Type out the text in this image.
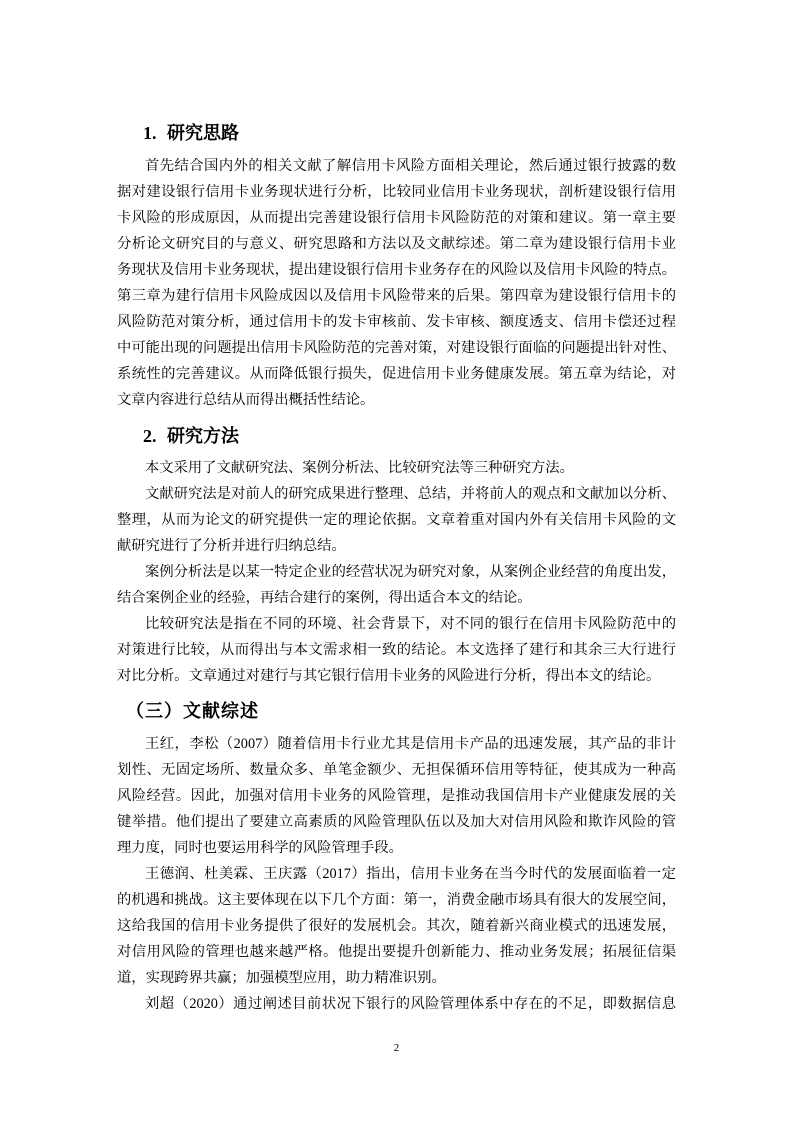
1. 研究思路
首先结合国内外的相关文献了解信用卡风险方面相关理论，然后通过银行披露的数
据对建设银行信用卡业务现状进行分析，比较同业信用卡业务现状，剖析建设银行信用
卡风险的形成原因，从而提出完善建设银行信用卡风险防范的对策和建议。第一章主要
分析论文研究目的与意义、研究思路和方法以及文献综述。第二章为建设银行信用卡业
务现状及信用卡业务现状，提出建设银行信用卡业务存在的风险以及信用卡风险的特点。
第三章为建行信用卡风险成因以及信用卡风险带来的后果。第四章为建设银行信用卡的
风险防范对策分析，通过信用卡的发卡审核前、发卡审核、额度透支、信用卡偿还过程
中可能出现的问题提出信用卡风险防范的完善对策，对建设银行面临的问题提出针对性、
系统性的完善建议。从而降低银行损失，促进信用卡业务健康发展。第五章为结论，对
文章内容进行总结从而得出概括性结论。
2. 研究方法
本文采用了文献研究法、案例分析法、比较研究法等三种研究方法。
文献研究法是对前人的研究成果进行整理、总结，并将前人的观点和文献加以分析、
整理，从而为论文的研究提供一定的理论依据。文章着重对国内外有关信用卡风险的文
献研究进行了分析并进行归纳总结。
案例分析法是以某一特定企业的经营状况为研究对象，从案例企业经营的角度出发，
结合案例企业的经验，再结合建行的案例，得出适合本文的结论。
比较研究法是指在不同的环境、社会背景下，对不同的银行在信用卡风险防范中的
对策进行比较，从而得出与本文需求相一致的结论。本文选择了建行和其余三大行进行
对比分析。文章通过对建行与其它银行信用卡业务的风险进行分析，得出本文的结论。
（三）文献综述
王红，李松（2007）随着信用卡行业尤其是信用卡产品的迅速发展，其产品的非计
划性、无固定场所、数量众多、单笔金额少、无担保循环信用等特征，使其成为一种高
风险经营。因此，加强对信用卡业务的风险管理，是推动我国信用卡产业健康发展的关
键举措。他们提出了要建立高素质的风险管理队伍以及加大对信用风险和欺诈风险的管
理力度，同时也要运用科学的风险管理手段。
王德润、杜美霖、王庆露（2017）指出，信用卡业务在当今时代的发展面临着一定
的机遇和挑战。这主要体现在以下几个方面：第一，消费金融市场具有很大的发展空间，
这给我国的信用卡业务提供了很好的发展机会。其次，随着新兴商业模式的迅速发展，
对信用风险的管理也越来越严格。他提出要提升创新能力、推动业务发展；拓展征信渠
道，实现跨界共赢；加强模型应用，助力精准识别。
刘超（2020）通过阐述目前状况下银行的风险管理体系中存在的不足，即数据信息
2
